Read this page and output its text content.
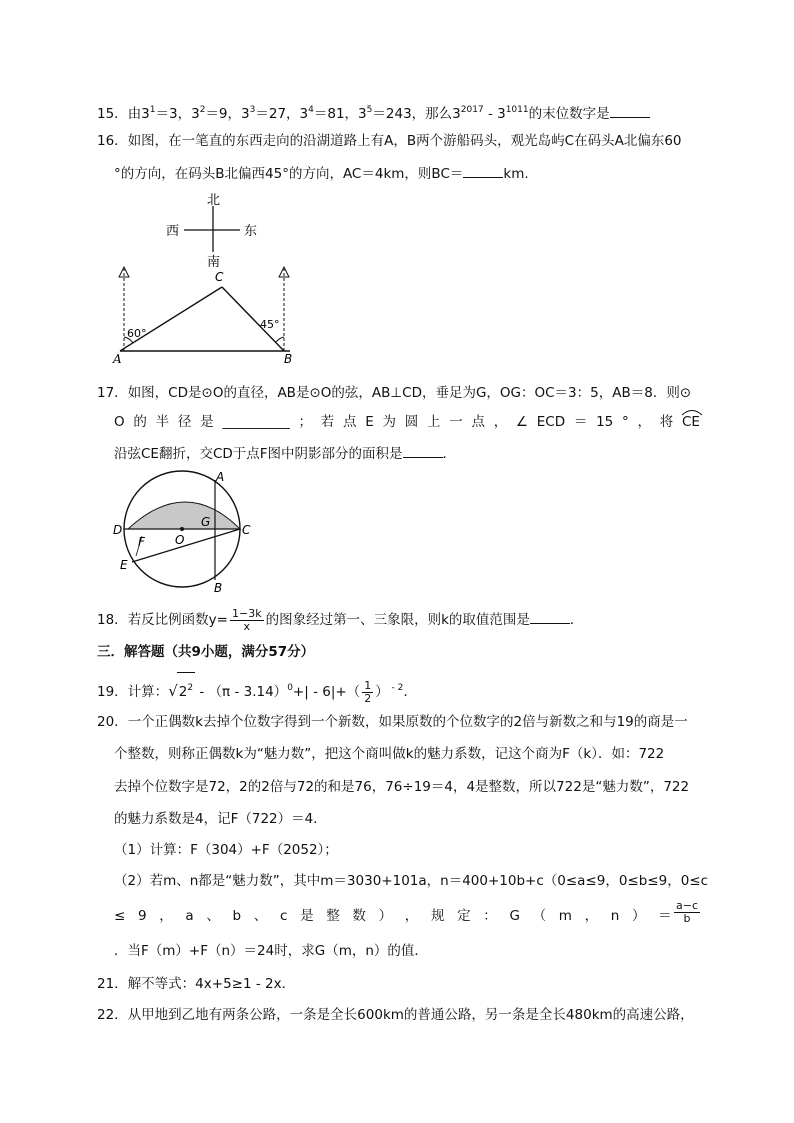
15．由$3^1=3$，$3^2=9$，$3^3=27$，$3^4=81$，$3^5=243$，那么$3^{2017} - 3^{1011}$的末位数字是
16．如图，在一笔直的东西走向的沿湖道路上有A，B两个游船码头，观光岛屿C在码头A北偏东60
°的方向，在码头B北偏西45°的方向，AC＝4km，则BC＝	km.
北
南
西	东
A	B
C
60°
45°
17．如图，CD是⊙O的直径，AB是⊙O的弦，AB⊥CD，垂足为G，OG：OC＝3：5，AB＝8．则⊙
O 的 半 径 是 __________ ； 若 点 E 为 圆 上 一 点 ， ∠ ECD ＝ 15 ° ， 将 CE
沿弦CE翻折，交CD于点F图中阴影部分的面积是	．
A
B
C
D
E
F
G
O
18．若反比例函数$y= \frac{1-3k}{x}$ 的图象经过第一、三象限，则k的取值范围是	．
三．解答题（共9小题，满分57分）
19．计算：$√2^2 - (\pi - 3.14)^0+| - 6|+( \frac{1}{2}$ ） $^{- 2}$.
20．一个正偶数k去掉个位数字得到一个新数，如果原数的个位数字的2倍与新数之和与19的商是一
个整数，则称正偶数k为“魅力数”，把这个商叫做k的魅力系数，记这个商为F（k）．如：722
去掉个位数字是72，2的2倍与72的和是76，76÷19＝4，4是整数，所以722是“魅力数”，722
的魅力系数是4，记F（722）＝4．
（1）计算：F（304）+F（2052）；
（2）若m、n都是“魅力数”，其中m＝3030+101a，n＝400+10b+c（0≤a≤9，0≤b≤9，0≤c
≤ 9 ， a 、 b 、 c 是 整 数 ） ， 规 定 ： G （ m ， n ） ＝ $\frac{a-c}{b}$
．当F（m）+F（n）＝24时，求G（m，n）的值．
21．解不等式：4x+5≥1 - 2x．
22．从甲地到乙地有两条公路，一条是全长600km的普通公路，另一条是全长480km的高速公路，
